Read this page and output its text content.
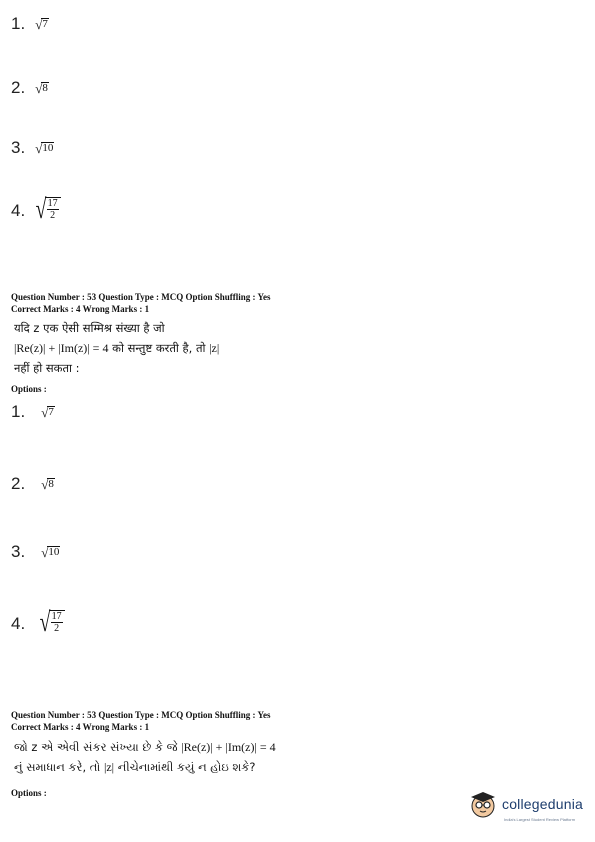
1. √ 7
2. √ 8
3. √ 10
4. √
$\frac{17}{2}$
Question Number : 53 Question Type : MCQ Option Shuffling : Yes
Correct Marks : 4 Wrong Marks : 1
यदि z एक ऐसी सम्मिश्र संख्या है जो
|Re(z)| + |Im(z)| = 4 को सन्तुष्ट करती है, तो |z|
नहीं हो सकता :
Options :
1. √ 7
2. √ 8
3. √ 10
4. √
$\frac{17}{2}$
Question Number : 53 Question Type : MCQ Option Shuffling : Yes
Correct Marks : 4 Wrong Marks : 1
જો z એ એવી સંકર સંખ્યા છે કે જે |Re(z)| + |Im(z)| = 4
નું સમાધાન કરે, તો |z| નીચેનામાંથી કયું ન હોઇ શકે?
Options :
collegedunia
India's Largest Student Review Platform
